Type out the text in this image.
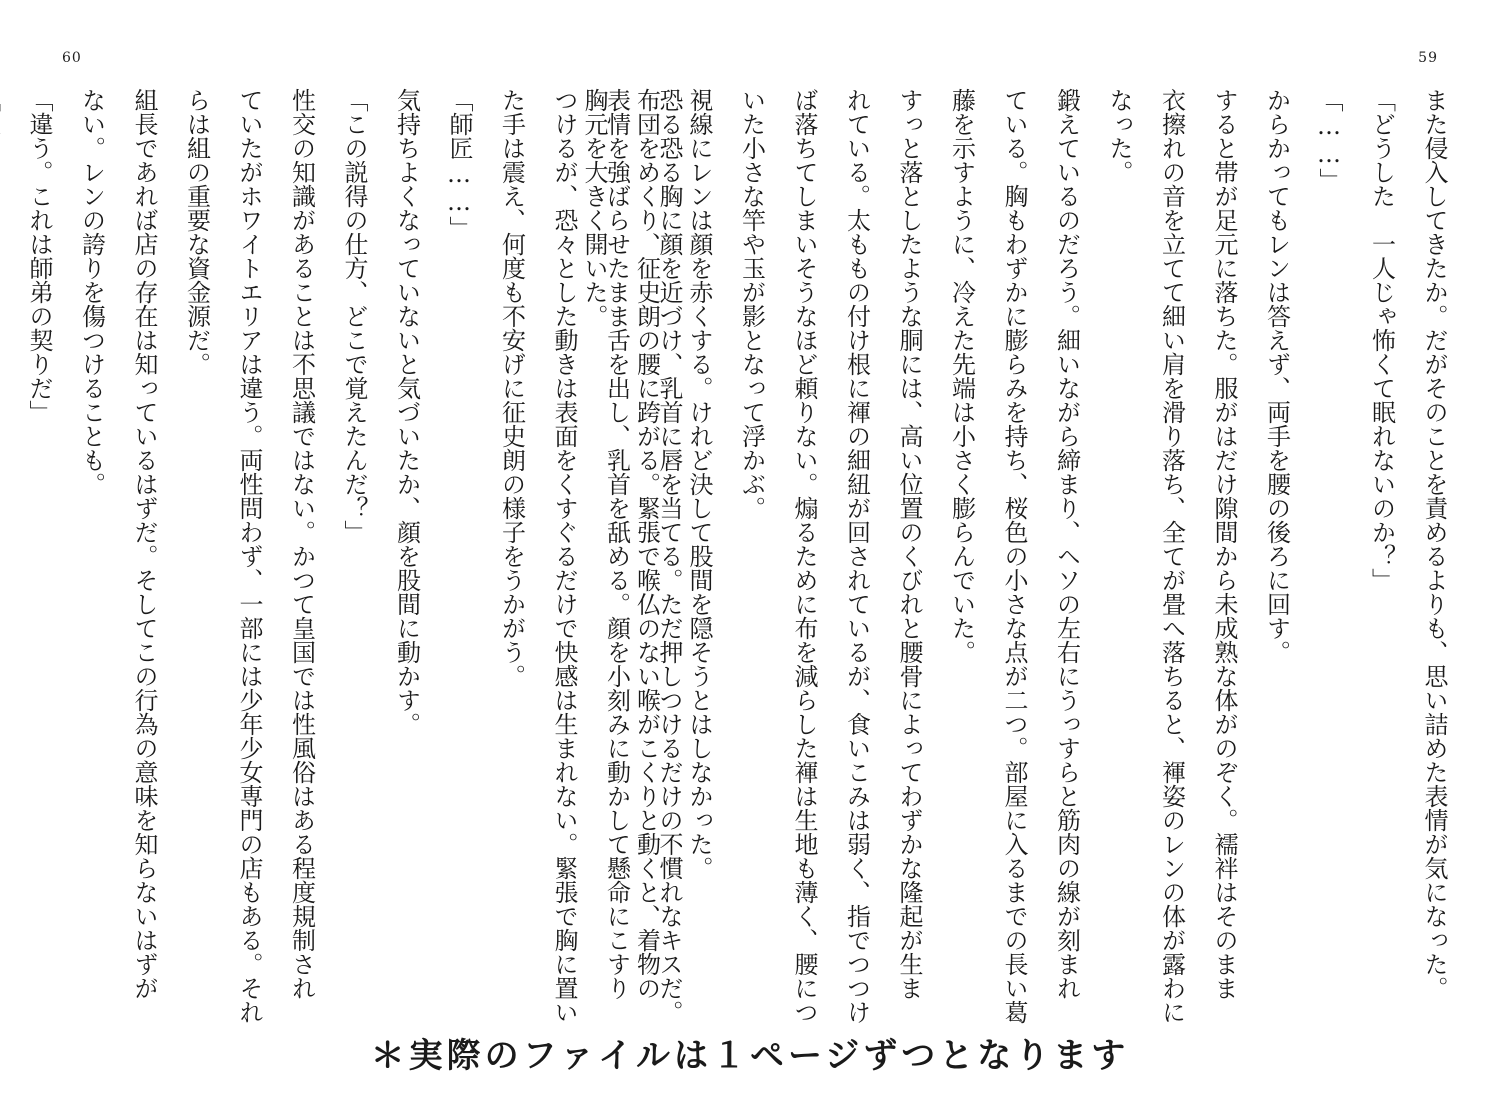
60
恐る恐る胸に顔を近づけ、乳首に唇を当てる。ただ押しつけるだけの不慣れなキスだ。
表情を強ばらせたまま舌を出し、乳首を舐める。顔を小刻みに動かして懸命にこすり
つけるが、恐々とした動きは表面をくすぐるだけで快感は生まれない。緊張で胸に置い
た手は震え、何度も不安げに征史朗の様子をうかがう。
「師匠……」
気持ちよくなっていないと気づいたか、顔を股間に動かす。
「この説得の仕方、どこで覚えたんだ？」
性交の知識があることは不思議ではない。かつて皇国では性風俗はある程度規制され
ていたがホワイトエリアは違う。両性問わず、一部には少年少女専門の店もある。それ
らは組の重要な資金源だ。
組長であれば店の存在は知っているはずだ。そしてこの行為の意味を知らないはずが
ない。レンの誇りを傷つけることも。
「違う。これは師弟の契りだ」
59
また侵入してきたか。だがそのことを責めるよりも、思い詰めた表情が気になった。
「どうした　一人じゃ怖くて眠れないのか？」
「……」
からかってもレンは答えず、両手を腰の後ろに回す。
すると帯が足元に落ちた。服がはだけ隙間から未成熟な体がのぞく。襦袢はそのまま
衣擦れの音を立てて細い肩を滑り落ち、全てが畳へ落ちると、褌姿のレンの体が露わに
なった。
鍛えているのだろう。細いながら締まり、ヘソの左右にうっすらと筋肉の線が刻まれ
ている。胸もわずかに膨らみを持ち、桜色の小さな点が二つ。部屋に入るまでの長い葛
藤を示すように、冷えた先端は小さく膨らんでいた。
すっと落としたような胴には、高い位置のくびれと腰骨によってわずかな隆起が生ま
れている。太ももの付け根に褌の細紐が回されているが、食いこみは弱く、指でつつけ
ば落ちてしまいそうなほど頼りない。煽るために布を減らした褌は生地も薄く、腰につ
いた小さな竿や玉が影となって浮かぶ。
視線にレンは顔を赤くする。けれど決して股間を隠そうとはしなかった。
布団をめくり、征史朗の腰に跨がる。緊張で喉仏のない喉がこくりと動くと、着物の
胸元を大きく開いた。
＊実際のファイルは１ページずつとなります
